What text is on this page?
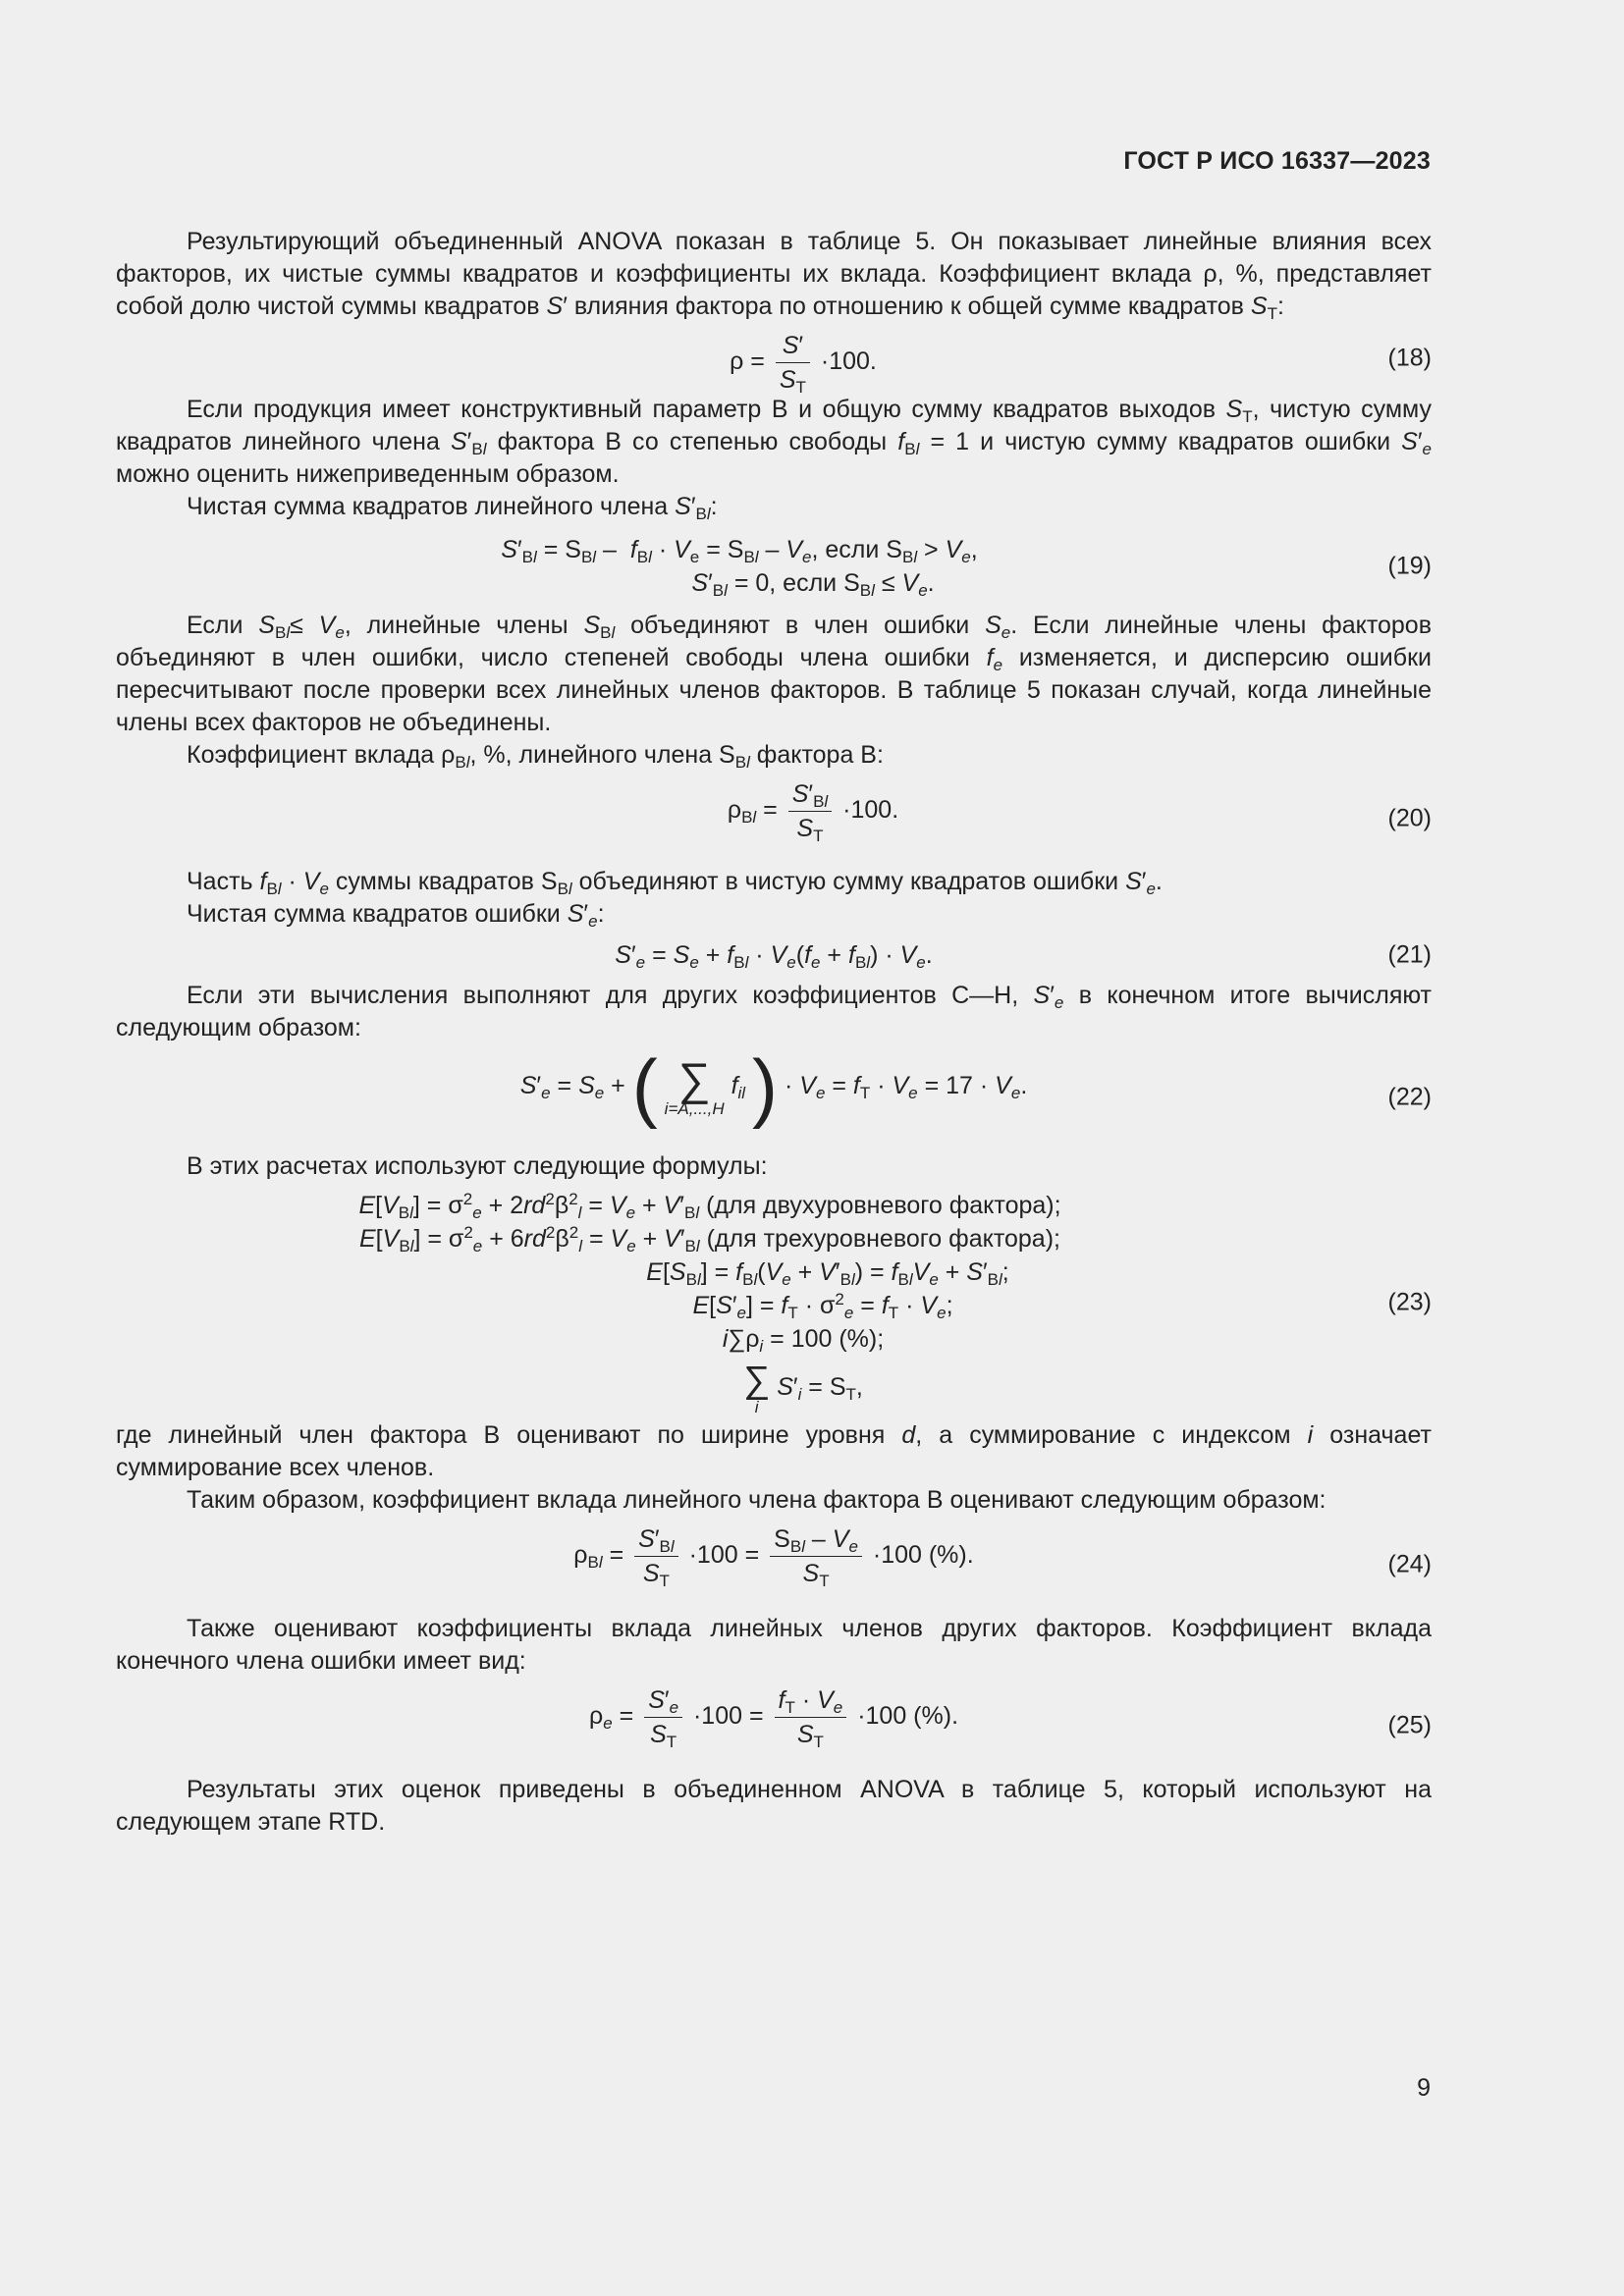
ГОСТ Р ИСО 16337—2023

Результирующий объединенный ANOVA показан в таблице 5. Он показывает линейные влияния всех факторов, их чистые суммы квадратов и коэффициенты их вклада. Коэффициент вклада ρ, %, представляет собой долю чистой суммы квадратов S′ влияния фактора по отношению к общей сумме квадратов $S_T$:

$\rho = \frac{S'}{S_T} \cdot 100$.	(18)

Если продукция имеет конструктивный параметр B и общую сумму квадратов выходов $S_T$, чистую сумму квадратов линейного члена $S'_{Bl}$ фактора B со степенью свободы $f_{Bl} = 1$ и чистую сумму квадратов ошибки $S'_e$ можно оценить нижеприведенным образом.

Чистая сумма квадратов линейного члена $S'_{Bl}$:

$S'_{Bl} = S_{Bl} - f_{Bl} \cdot V_e = S_{Bl} - V_e$, если $S_{Bl} > V_e$,
$S'_{Bl} = 0$, если $S_{Bl} \le V_e$.
(19)

Если $S_{Bl}\le V_e$, линейные члены $S_{Bl}$ объединяют в член ошибки $S_e$. Если линейные члены факторов объединяют в член ошибки, число степеней свободы члена ошибки $f_e$ изменяется, и дисперсию ошибки пересчитывают после проверки всех линейных членов факторов. В таблице 5 показан случай, когда линейные члены всех факторов не объединены.

Коэффициент вклада $\rho_{Bl}$, %, линейного члена $S_{Bl}$ фактора B:

$\rho_{Bl} = \frac{S'_{Bl}}{S_T} \cdot 100$.	(20)

Часть $f_{Bl} \cdot V_e$ суммы квадратов $S_{Bl}$ объединяют в чистую сумму квадратов ошибки $S'_e$.

Чистая сумма квадратов ошибки $S'_e$:

$S'_e = S_e + f_{Bl} \cdot V_e(f_e + f_{Bl}) \cdot V_e$.	(21)

Если эти вычисления выполняют для других коэффициентов C—H, $S'_e$ в конечном итоге вычисляют следующим образом:

$S'_e = S_e$ + ( ∑
i=A,...,H
$f_{il}$ ) · $V_e = f_T \cdot V_e = 17 \cdot V_e$.	(22)

В этих расчетах используют следующие формулы:

$E[V_{Bl}] = \sigma^2_e + 2rd^2\beta^2_l = V_e + V'_{Bl}$ (для двухуровневого фактора);
$E[V_{Bl}] = \sigma^2_e + 6rd^2\beta^2_l = V_e + V'_{Bl}$ (для трехуровневого фактора);
$E[S_{Bl}] = f_{Bl}(V_e + V'_{Bl}) = f_{Bl}V_e + S'_{Bl}$;
$E[S'_e] = f_T \cdot \sigma^2_e = f_T \cdot V_e$;
$i\sum\rho_i = 100$ (%);
∑
i
$S'_i = S_T$,
(23)

где линейный член фактора B оценивают по ширине уровня d, а суммирование с индексом i означает суммирование всех членов.

Таким образом, коэффициент вклада линейного члена фактора B оценивают следующим образом:

$\rho_{Bl} = \frac{S'_{Bl}}{S_T} \cdot 100 = \frac{S_{Bl} - V_e}{S_T} \cdot 100$ (%).	(24)

Также оценивают коэффициенты вклада линейных членов других факторов. Коэффициент вклада конечного члена ошибки имеет вид:

$\rho_e = \frac{S'_e}{S_T} \cdot 100 = \frac{f_T \cdot V_e}{S_T} \cdot 100$ (%).	(25)

Результаты этих оценок приведены в объединенном ANOVA в таблице 5, который используют на следующем этапе RTD.

9
